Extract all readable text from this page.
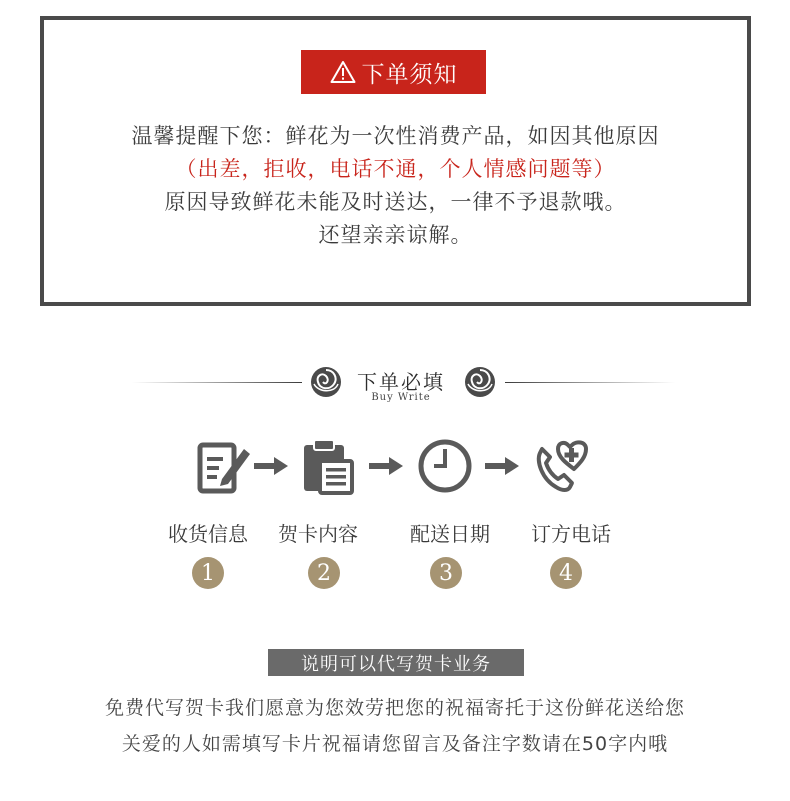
下单须知
温馨提醒下您：鲜花为一次性消费产品，如因其他原因
（出差，拒收，电话不通，个人情感问题等）
原因导致鲜花未能及时送达，一律不予退款哦。
还望亲亲谅解。
下单必填
Buy Write
收货信息	贺卡内容	配送日期	订方电话
1	2	3	4
说明可以代写贺卡业务
免费代写贺卡我们愿意为您效劳把您的祝福寄托于这份鲜花送给您
关爱的人如需填写卡片祝福请您留言及备注字数请在50字内哦
